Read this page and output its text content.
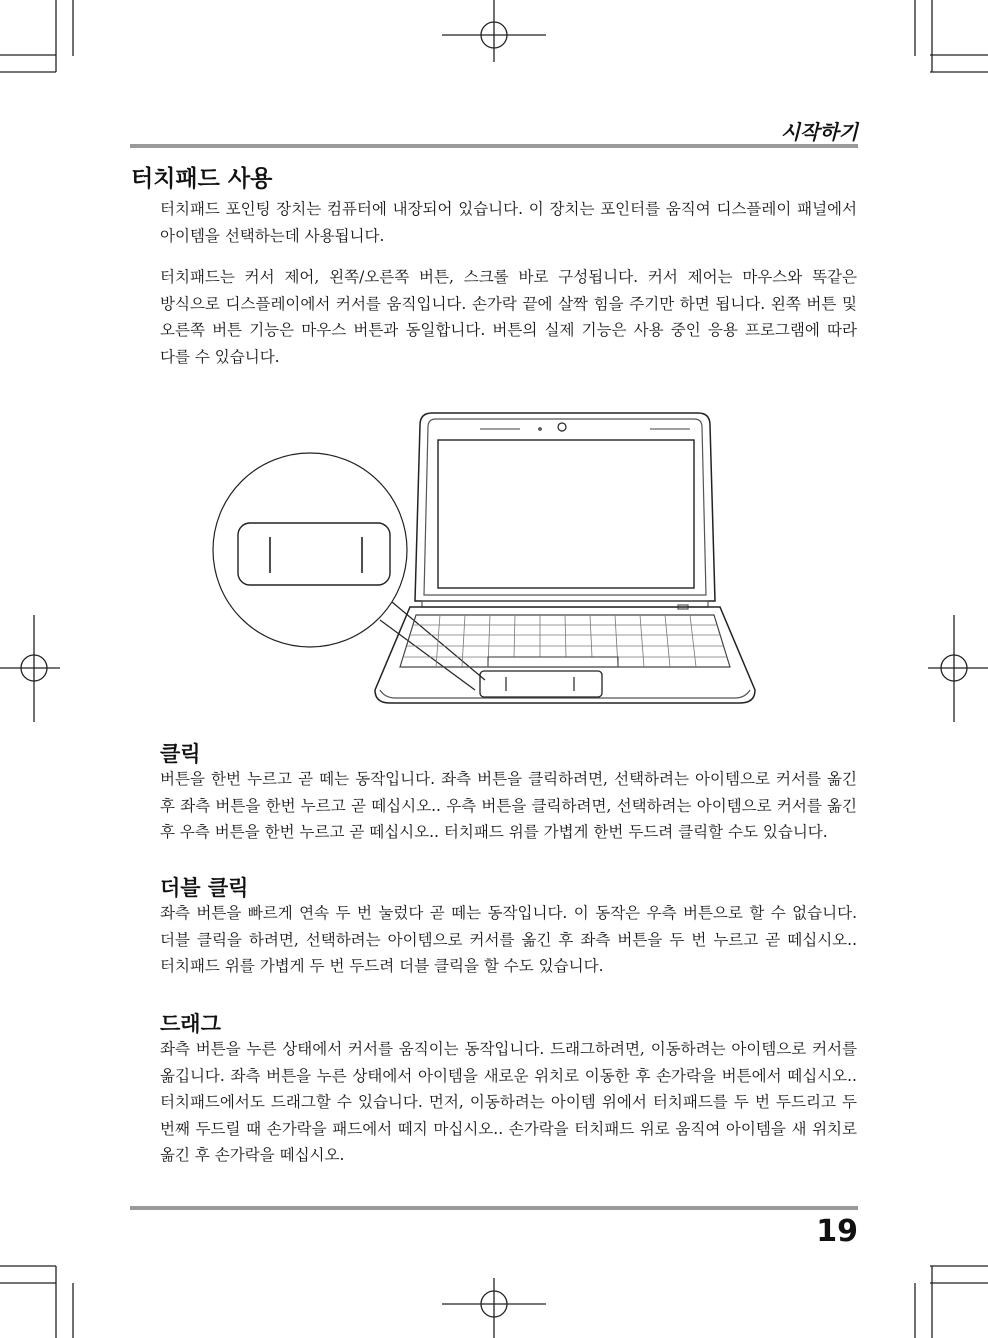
시작하기
터치패드 사용

터치패드 포인팅 장치는 컴퓨터에 내장되어 있습니다. 이 장치는 포인터를 움직여 디스플레이 패널에서 아이템을 선택하는데 사용됩니다.

터치패드는 커서 제어, 왼쪽/오른쪽 버튼, 스크롤 바로 구성됩니다. 커서 제어는 마우스와 똑같은 방식으로 디스플레이에서 커서를 움직입니다. 손가락 끝에 살짝 힘을 주기만 하면 됩니다. 왼쪽 버튼 및 오른쪽 버튼 기능은 마우스 버튼과 동일합니다. 버튼의 실제 기능은 사용 중인 응용 프로그램에 따라 다를 수 있습니다.

클릭

버튼을 한번 누르고 곧 떼는 동작입니다. 좌측 버튼을 클릭하려면, 선택하려는 아이템으로 커서를 옮긴 후 좌측 버튼을 한번 누르고 곧 떼십시오.. 우측 버튼을 클릭하려면, 선택하려는 아이템으로 커서를 옮긴 후 우측 버튼을 한번 누르고 곧 떼십시오.. 터치패드 위를 가볍게 한번 두드려 클릭할 수도 있습니다.

더블 클릭

좌측 버튼을 빠르게 연속 두 번 눌렀다 곧 떼는 동작입니다. 이 동작은 우측 버튼으로 할 수 없습니다. 더블 클릭을 하려면, 선택하려는 아이템으로 커서를 옮긴 후 좌측 버튼을 두 번 누르고 곧 떼십시오.. 터치패드 위를 가볍게 두 번 두드려 더블 클릭을 할 수도 있습니다.

드래그

좌측 버튼을 누른 상태에서 커서를 움직이는 동작입니다. 드래그하려면, 이동하려는 아이템으로 커서를 옮깁니다. 좌측 버튼을 누른 상태에서 아이템을 새로운 위치로 이동한 후 손가락을 버튼에서 떼십시오.. 터치패드에서도 드래그할 수 있습니다. 먼저, 이동하려는 아이템 위에서 터치패드를 두 번 두드리고 두 번째 두드릴 때 손가락을 패드에서 떼지 마십시오.. 손가락을 터치패드 위로 움직여 아이템을 새 위치로 옮긴 후 손가락을 떼십시오.

19
